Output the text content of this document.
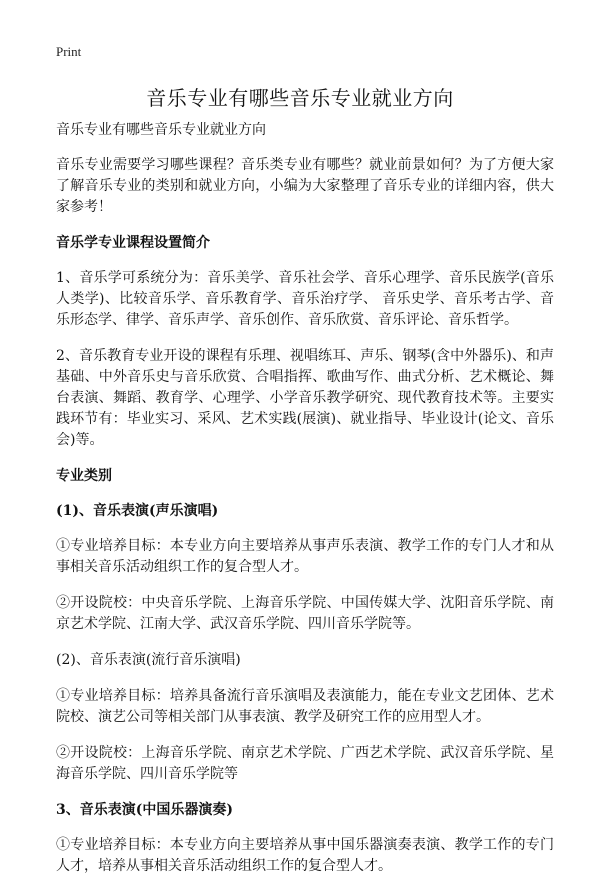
Print
音乐专业有哪些音乐专业就业方向

音乐专业有哪些音乐专业就业方向

音乐专业需要学习哪些课程？音乐类专业有哪些？就业前景如何？为了方便大家了解音乐专业的类别和就业方向，小编为大家整理了音乐专业的详细内容，供大家参考！

音乐学专业课程设置简介

1、音乐学可系统分为：音乐美学、音乐社会学、音乐心理学、音乐民族学(音乐人类学)、比较音乐学、音乐教育学、音乐治疗学、 音乐史学、音乐考古学、音乐形态学、律学、音乐声学、音乐创作、音乐欣赏、音乐评论、音乐哲学。

2、音乐教育专业开设的课程有乐理、视唱练耳、声乐、钢琴(含中外器乐)、和声基础、中外音乐史与音乐欣赏、合唱指挥、歌曲写作、曲式分析、艺术概论、舞台表演、舞蹈、教育学、心理学、小学音乐教学研究、现代教育技术等。主要实践环节有：毕业实习、采风、艺术实践(展演)、就业指导、毕业设计(论文、音乐会)等。

专业类别
(1)、音乐表演(声乐演唱)

①专业培养目标：本专业方向主要培养从事声乐表演、教学工作的专门人才和从事相关音乐活动组织工作的复合型人才。

②开设院校：中央音乐学院、上海音乐学院、中国传媒大学、沈阳音乐学院、南京艺术学院、江南大学、武汉音乐学院、四川音乐学院等。

(2)、音乐表演(流行音乐演唱)

①专业培养目标：培养具备流行音乐演唱及表演能力，能在专业文艺团体、艺术院校、演艺公司等相关部门从事表演、教学及研究工作的应用型人才。

②开设院校：上海音乐学院、南京艺术学院、广西艺术学院、武汉音乐学院、星海音乐学院、四川音乐学院等

3、音乐表演(中国乐器演奏)

①专业培养目标：本专业方向主要培养从事中国乐器演奏表演、教学工作的专门人才，培养从事相关音乐活动组织工作的复合型人才。
